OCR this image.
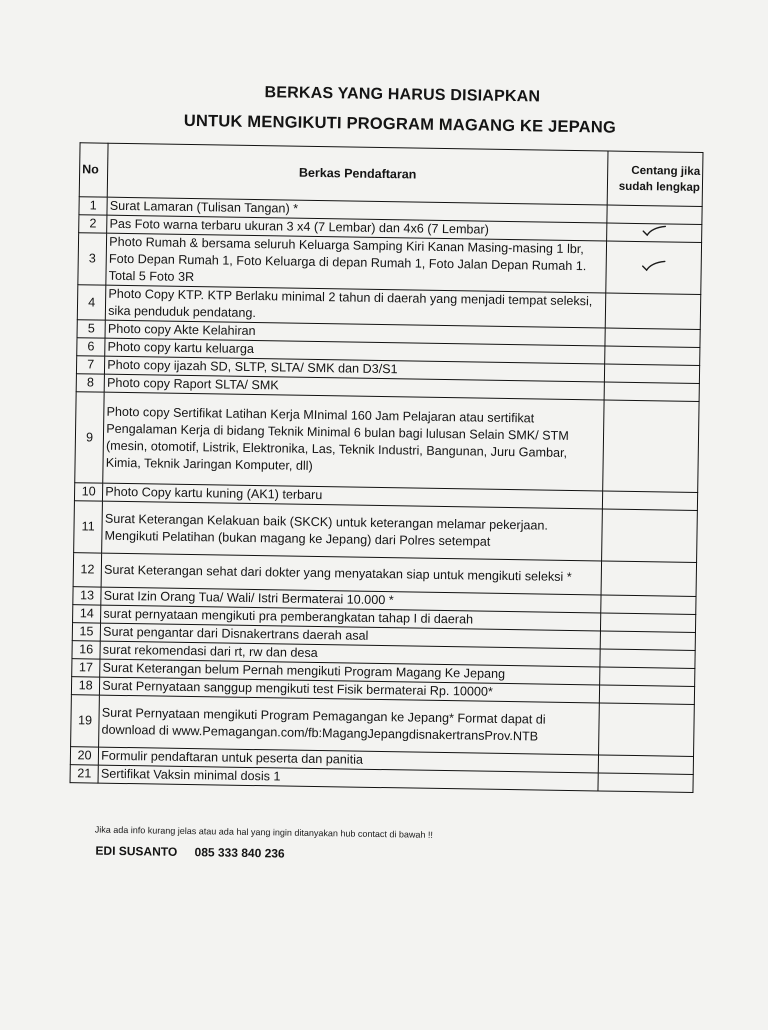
BERKAS YANG HARUS DISIAPKAN
UNTUK MENGIKUTI PROGRAM MAGANG KE JEPANG
No	Berkas Pendaftaran	Centang jika
sudah lengkap
1	Surat Lamaran (Tulisan Tangan) *	
2	Pas Foto warna terbaru ukuran 3 x4 (7 Lembar) dan 4x6 (7 Lembar)	
3	Photo Rumah & bersama seluruh Keluarga Samping Kiri Kanan Masing-masing 1 lbr, Foto Depan Rumah 1, Foto Keluarga di depan Rumah 1, Foto Jalan Depan Rumah 1. Total 5 Foto 3R	
4	Photo Copy KTP. KTP Berlaku minimal 2 tahun di daerah yang menjadi tempat seleksi, sika penduduk pendatang.	
5	Photo copy Akte Kelahiran	
6	Photo copy kartu keluarga	
7	Photo copy ijazah SD, SLTP, SLTA/ SMK dan D3/S1	
8	Photo copy Raport SLTA/ SMK	
9	Photo copy Sertifikat Latihan Kerja MInimal 160 Jam Pelajaran atau sertifikat Pengalaman Kerja di bidang Teknik Minimal 6 bulan bagi lulusan Selain SMK/ STM (mesin, otomotif, Listrik, Elektronika, Las, Teknik Industri, Bangunan, Juru Gambar, Kimia, Teknik Jaringan Komputer, dll)	
10	Photo Copy kartu kuning (AK1) terbaru	
11	Surat Keterangan Kelakuan baik (SKCK) untuk keterangan melamar pekerjaan. Mengikuti Pelatihan (bukan magang ke Jepang) dari Polres setempat	
12	Surat Keterangan sehat dari dokter yang menyatakan siap untuk mengikuti seleksi *	
13	Surat Izin Orang Tua/ Wali/ Istri Bermaterai 10.000 *	
14	surat pernyataan mengikuti pra pemberangkatan tahap I di daerah	
15	Surat pengantar dari Disnakertrans daerah asal	
16	surat rekomendasi dari rt, rw dan desa	
17	Surat Keterangan belum Pernah mengikuti Program Magang Ke Jepang	
18	Surat Pernyataan sanggup mengikuti test Fisik bermaterai Rp. 10000*	
19	Surat Pernyataan mengikuti Program Pemagangan ke Jepang* Format dapat di download di www.Pemagangan.com/fb:MagangJepangdisnakertransProv.NTB	
20	Formulir pendaftaran untuk peserta dan panitia	
21	Sertifikat Vaksin minimal dosis 1	
Jika ada info kurang jelas atau ada hal yang ingin ditanyakan hub contact di bawah !!
EDI SUSANTO 085 333 840 236
